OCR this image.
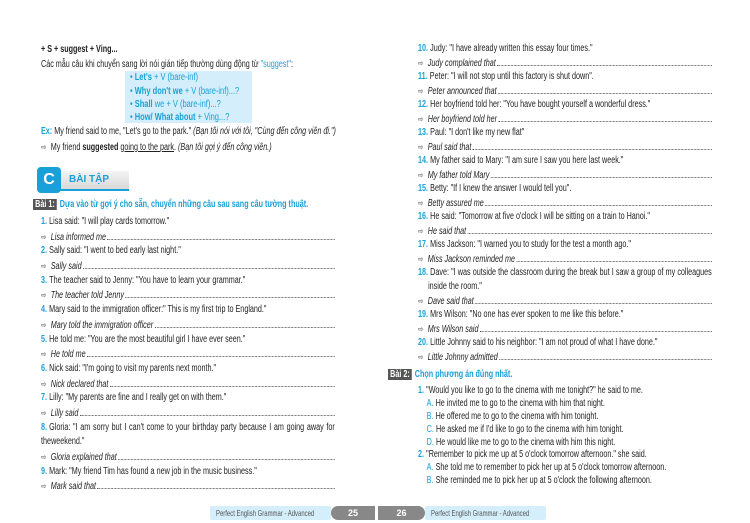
+ S + suggest + Ving...
Các mẫu câu khi chuyển sang lời nói gián tiếp thường dùng động từ "suggest":
• Let's + V (bare-inf)
• Why don't we + V (bare-inf)...?
• Shall we + V (bare-inf)...?
• How/ What about + Ving...?
Ex: My friend said to me, "Let's go to the park." (Bạn tôi nói với tôi, "Cùng đến công viên đi.")
⇨ My friend suggested going to the park. (Bạn tôi gợi ý đến công viên.)
BÀI TẬP
C
Bài 1: Dựa vào từ gợi ý cho sẵn, chuyển những câu sau sang câu tường thuật.
1. Lisa said: "I will play cards tomorrow."
⇨ Lisa informed me
2. Sally said: "I went to bed early last night."
⇨ Sally said
3. The teacher said to Jenny: "You have to learn your grammar."
⇨ The teacher told Jenny
4. Mary said to the immigration officer:" This is my first trip to England."
⇨ Mary told the immigration officer
5. He told me: "You are the most beautiful girl I have ever seen."
⇨ He told me
6. Nick said: "I'm going to visit my parents next month."
⇨ Nick declared that
7. Lilly: "My parents are fine and I really get on with them."
⇨ Lilly said
8. Gloria: "I am sorry but I can't come to your birthday party because I am going away for the weekend."
⇨ Gloria explained that
9. Mark: "My friend Tim has found a new job in the music business."
⇨ Mark said that
25
Perfect English Grammar - Advanced
10. Judy: "I have already written this essay four times."
⇨ Judy complained that
11. Peter: "I will not stop until this factory is shut down".
⇨ Peter announced that
12. Her boyfriend told her: "You have bought yourself a wonderful dress."
⇨ Her boyfriend told her
13. Paul: "I don't like my new flat"
⇨ Paul said that
14. My father said to Mary: "I am sure I saw you here last week."
⇨ My father told Mary
15. Betty: "If I knew the answer I would tell you".
⇨ Betty assured me
16. He said: "Tomorrow at five o'clock I will be sitting on a train to Hanoi."
⇨ He said that
17. Miss Jackson: "I warned you to study for the test a month ago."
⇨ Miss Jackson reminded me
18. Dave: "I was outside the classroom during the break but I saw a group of my colleagues
inside the room."
⇨ Dave said that
19. Mrs Wilson: "No one has ever spoken to me like this before."
⇨ Mrs Wilson said
20. Little Johnny said to his neighbor: "I am not proud of what I have done."
⇨ Little Johnny admitted
Bài 2: Chọn phương án đúng nhất.
1. "Would you like to go to the cinema with me tonight?" he said to me.
A. He invited me to go to the cinema with him that night.
B. He offered me to go to the cinema with him tonight.
C. He asked me if I'd like to go to the cinema with him tonight.
D. He would like me to go to the cinema with him this night.
2. "Remember to pick me up at 5 o'clock tomorrow afternoon." she said.
A. She told me to remember to pick her up at 5 o'clock tomorrow afternoon.
B. She reminded me to pick her up at 5 o'clock the following afternoon.
26	Perfect English Grammar - Advanced
